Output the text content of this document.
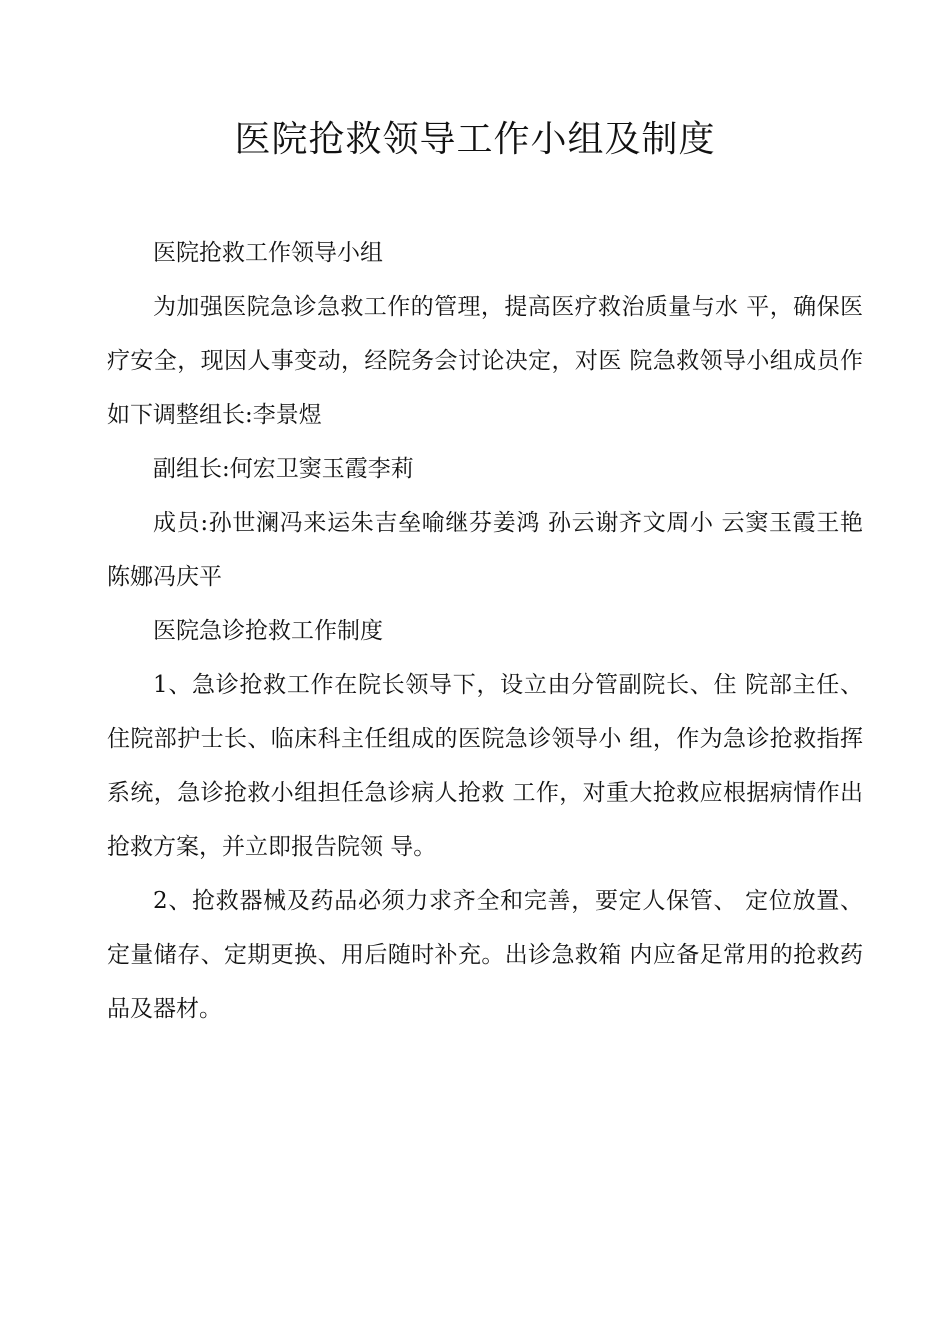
医院抢救领导工作小组及制度

医院抢救工作领导小组

为加强医院急诊急救工作的管理，提高医疗救治质量与水 平，确保医疗安全，现因人事变动，经院务会讨论决定，对医 院急救领导小组成员作如下调整组长:李景煜

副组长:何宏卫窦玉霞李莉

成员:孙世澜冯来运朱吉垒喻继芬姜鸿 孙云谢齐文周小 云窦玉霞王艳陈娜冯庆平

医院急诊抢救工作制度

1、急诊抢救工作在院长领导下，设立由分管副院长、住 院部主任、住院部护士长、临床科主任组成的医院急诊领导小 组，作为急诊抢救指挥系统，急诊抢救小组担任急诊病人抢救 工作，对重大抢救应根据病情作出抢救方案，并立即报告院领 导。

2、抢救器械及药品必须力求齐全和完善，要定人保管、 定位放置、定量储存、定期更换、用后随时补充。出诊急救箱 内应备足常用的抢救药品及器材。
